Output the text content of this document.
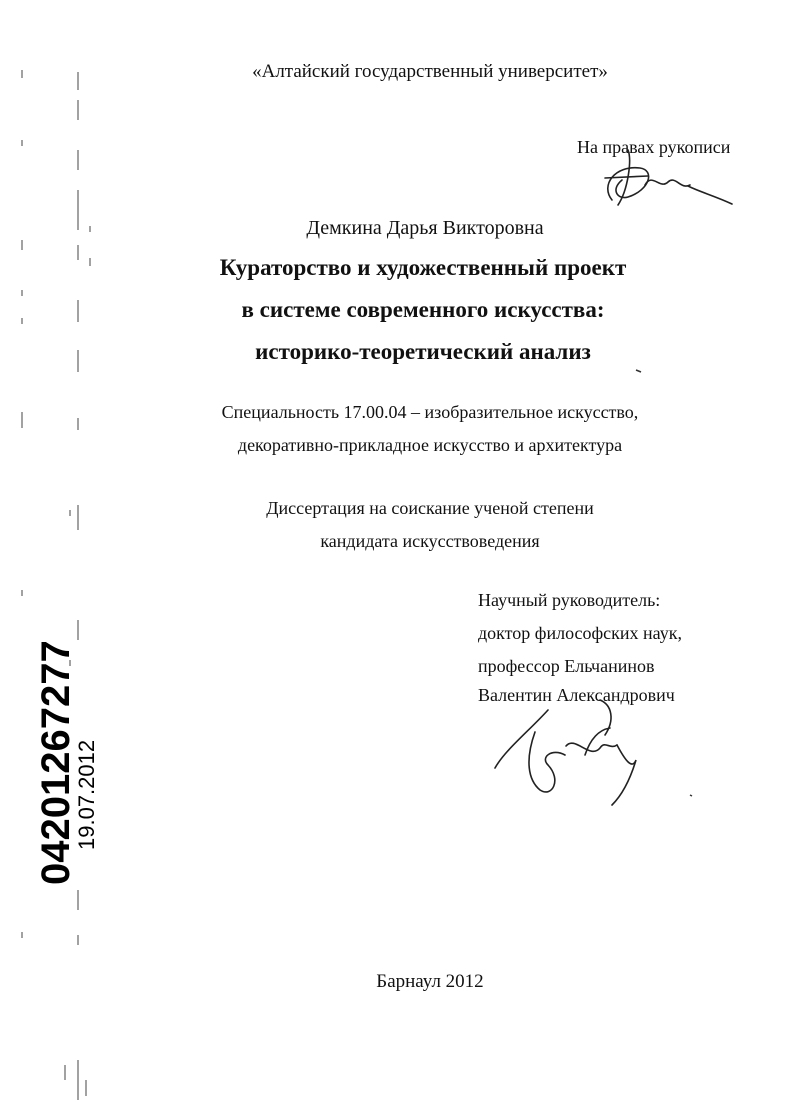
«Алтайский государственный университет»
На правах рукописи
Демкина Дарья Викторовна
Кураторство и художественный проект
в системе современного искусства:
историко-теоретический анализ
Специальность 17.00.04 – изобразительное искусство,
декоративно-прикладное искусство и архитектура
Диссертация на соискание ученой степени
кандидата искусствоведения
Научный руководитель:
доктор философских наук,
профессор Ельчанинов
Валентин Александрович
Барнаул 2012
04201267277
19.07.2012
